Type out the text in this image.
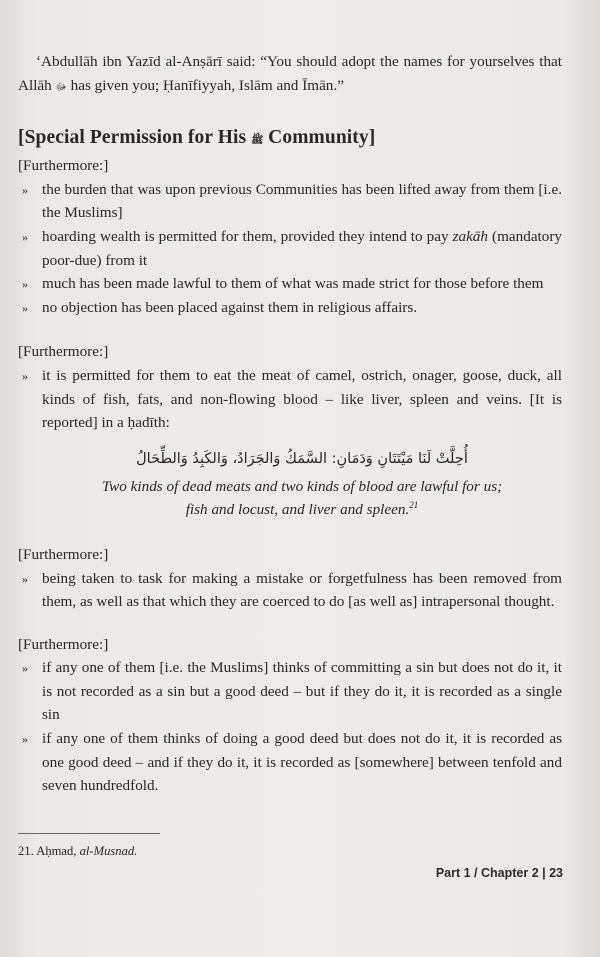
‘Abdullāh ibn Yazīd al-Anṣārī said: “You should adopt the names for yourselves that Allāh ﷻ has given you; Ḥanīfiyyah, Islām and Īmān.”

[Special Permission for His ﷺ Community]

[Furthermore:]

» the burden that was upon previous Communities has been lifted away from them [i.e. the Muslims]
» hoarding wealth is permitted for them, provided they intend to pay zakāh (mandatory poor-due) from it
» much has been made lawful to them of what was made strict for those before them
» no objection has been placed against them in religious affairs.

[Furthermore:]

» it is permitted for them to eat the meat of camel, ostrich, onager, goose, duck, all kinds of fish, fats, and non-flowing blood – like liver, spleen and veins. [It is reported] in a ḥadīth:
أُحِلَّتْ لَنَا مَيْتَتَانِ وَدَمَانِ: السَّمَكُ وَالجَرَادُ، وَالكَبِدُ وَالطِّحَالُ
Two kinds of dead meats and two kinds of blood are lawful for us;
fish and locust, and liver and spleen.$^{21}$

[Furthermore:]

» being taken to task for making a mistake or forgetfulness has been removed from them, as well as that which they are coerced to do [as well as] intrapersonal thought.

[Furthermore:]

» if any one of them [i.e. the Muslims] thinks of committing a sin but does not do it, it is not recorded as a sin but a good deed – but if they do it, it is recorded as a single sin
» if any one of them thinks of doing a good deed but does not do it, it is recorded as one good deed – and if they do it, it is recorded as [somewhere] between tenfold and seven hundredfold.
21. Aḥmad, al-Musnad.
Part 1 / Chapter 2 | 23
